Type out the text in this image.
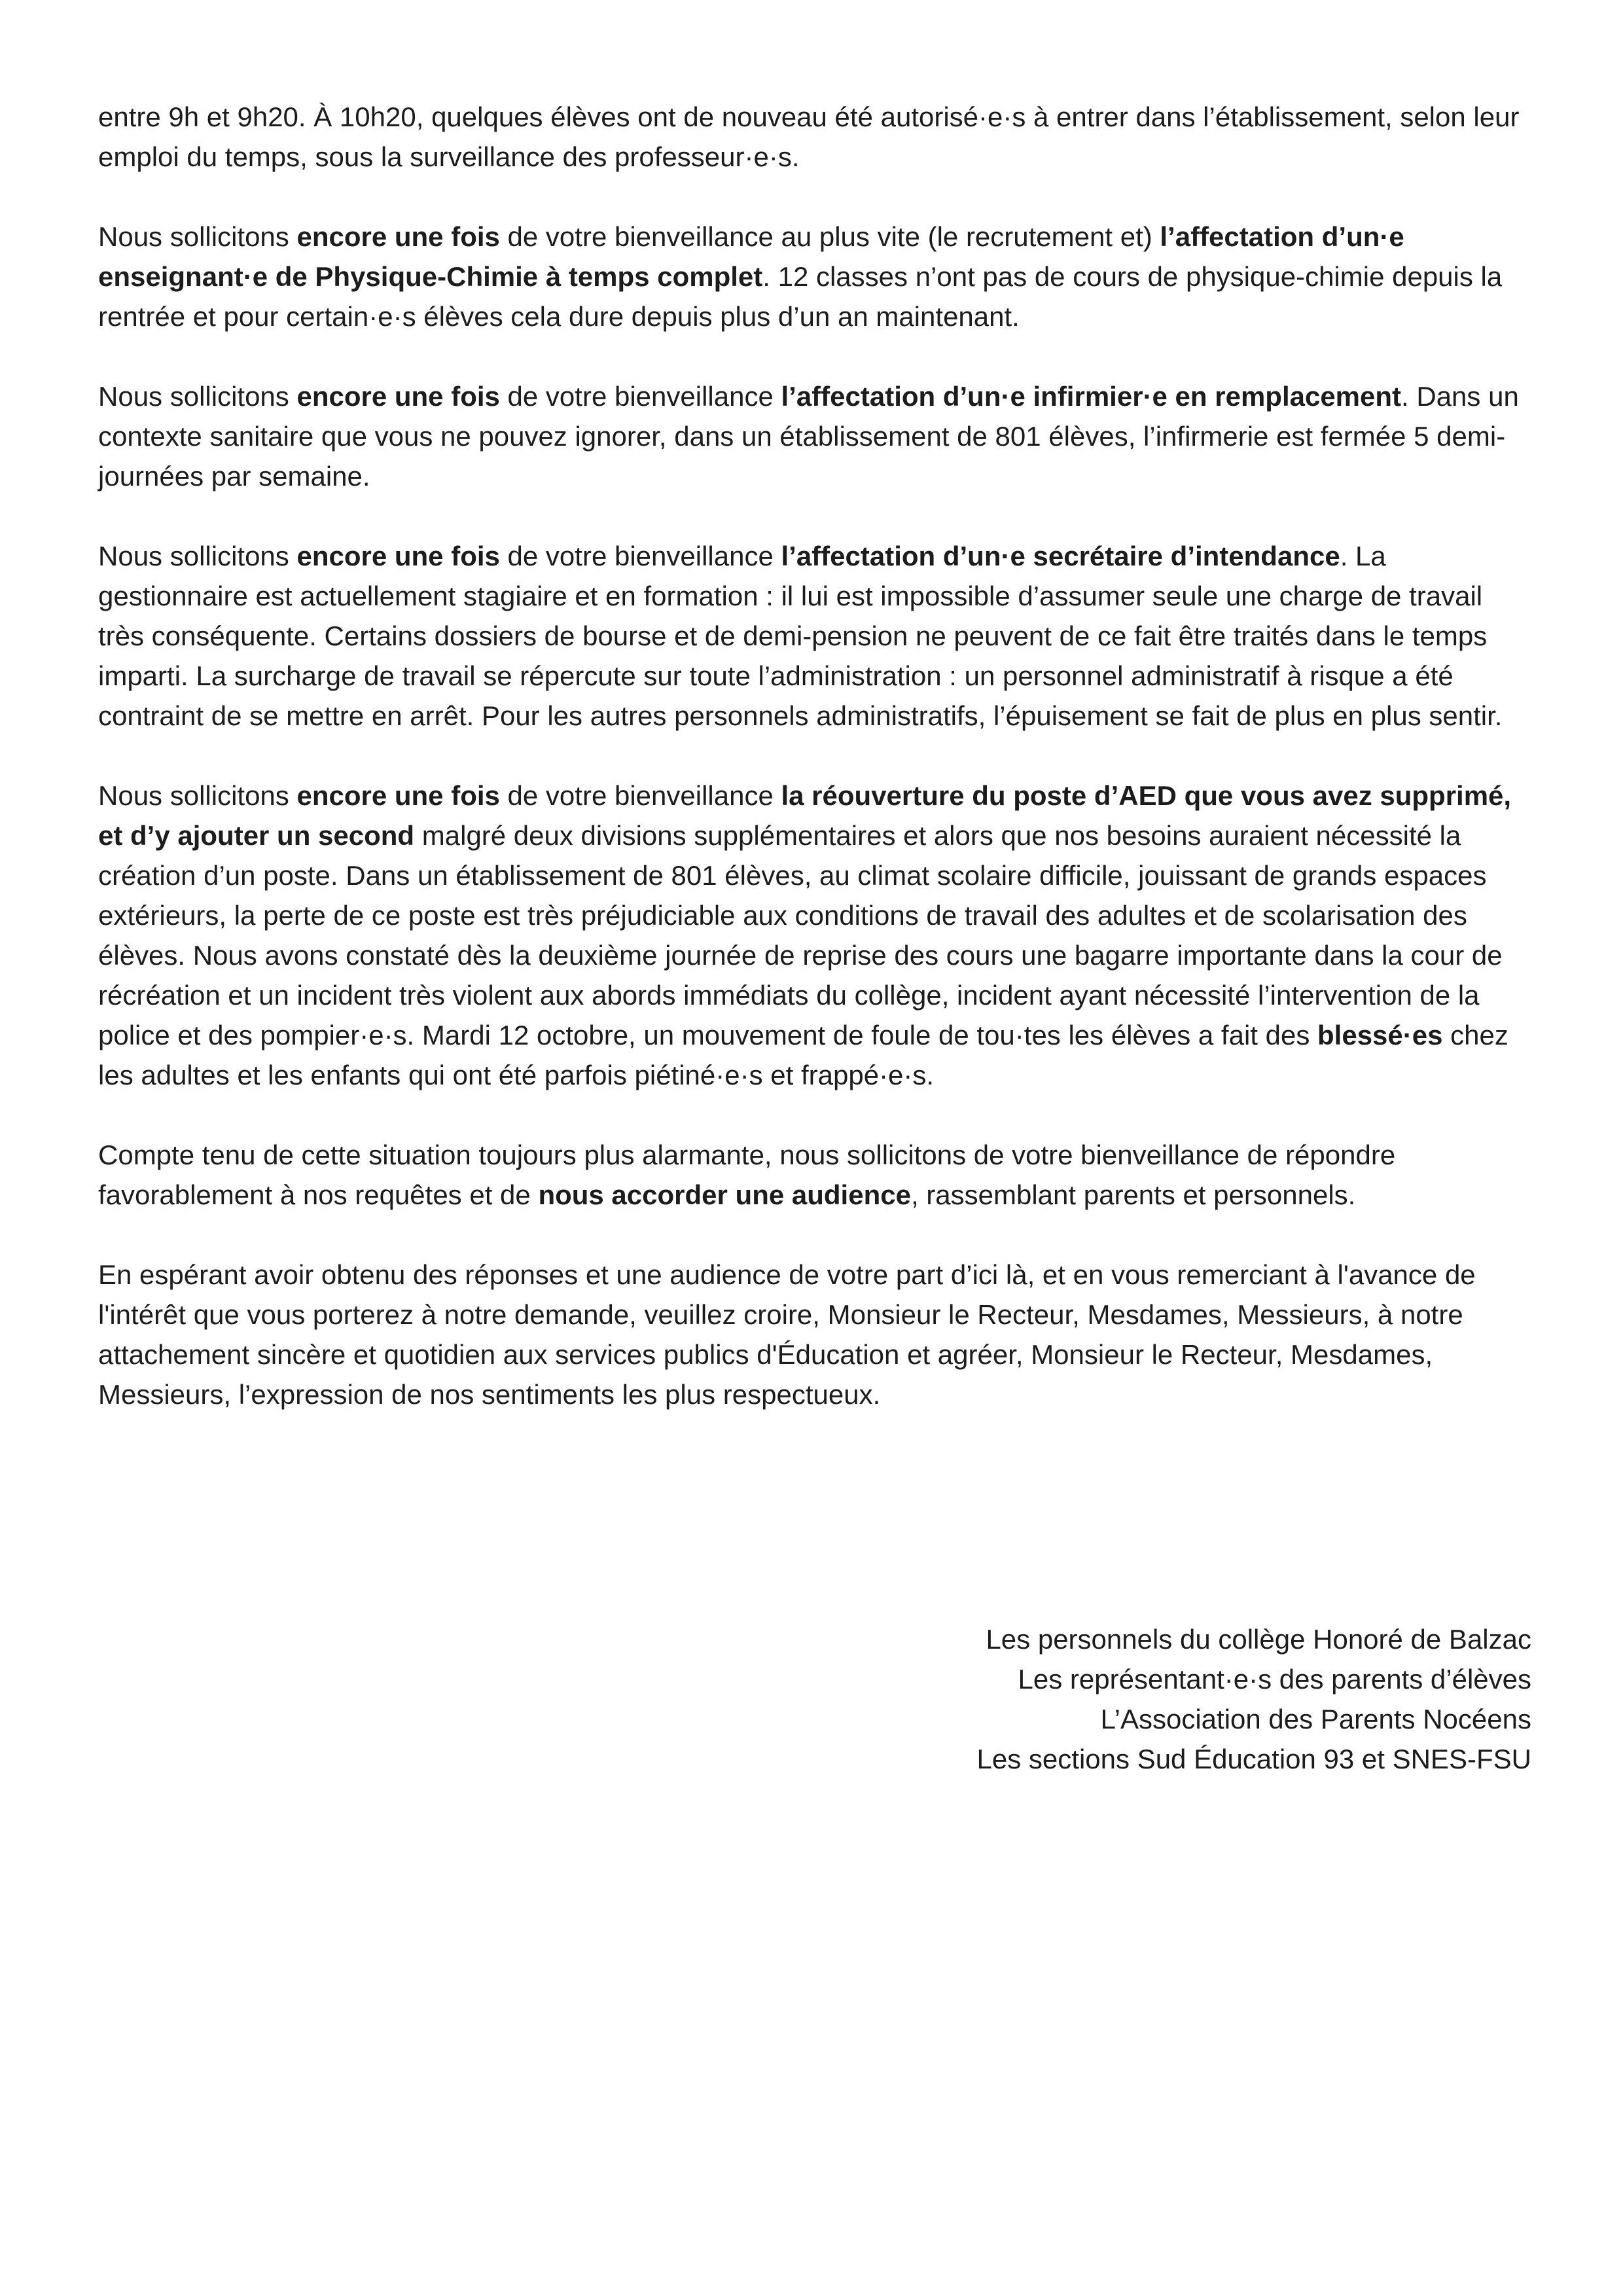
entre 9h et 9h20. À 10h20, quelques élèves ont de nouveau été autorisé·e·s à entrer dans l’établissement, selon leur emploi du temps, sous la surveillance des professeur·e·s.

Nous sollicitons encore une fois de votre bienveillance au plus vite (le recrutement et) l’affectation d’un·e enseignant·e de Physique-Chimie à temps complet. 12 classes n’ont pas de cours de physique-chimie depuis la rentrée et pour certain·e·s élèves cela dure depuis plus d’un an maintenant.

Nous sollicitons encore une fois de votre bienveillance l’affectation d’un·e infirmier·e en remplacement. Dans un contexte sanitaire que vous ne pouvez ignorer, dans un établissement de 801 élèves, l’infirmerie est fermée 5 demi-journées par semaine.

Nous sollicitons encore une fois de votre bienveillance l’affectation d’un·e secrétaire d’intendance. La gestionnaire est actuellement stagiaire et en formation : il lui est impossible d’assumer seule une charge de travail très conséquente. Certains dossiers de bourse et de demi-pension ne peuvent de ce fait être traités dans le temps imparti. La surcharge de travail se répercute sur toute l’administration : un personnel administratif à risque a été contraint de se mettre en arrêt. Pour les autres personnels administratifs, l’épuisement se fait de plus en plus sentir.

Nous sollicitons encore une fois de votre bienveillance la réouverture du poste d’AED que vous avez supprimé, et d’y ajouter un second malgré deux divisions supplémentaires et alors que nos besoins auraient nécessité la création d’un poste. Dans un établissement de 801 élèves, au climat scolaire difficile, jouissant de grands espaces extérieurs, la perte de ce poste est très préjudiciable aux conditions de travail des adultes et de scolarisation des élèves. Nous avons constaté dès la deuxième journée de reprise des cours une bagarre importante dans la cour de récréation et un incident très violent aux abords immédiats du collège, incident ayant nécessité l’intervention de la police et des pompier·e·s. Mardi 12 octobre, un mouvement de foule de tou·tes les élèves a fait des blessé·es chez les adultes et les enfants qui ont été parfois piétiné·e·s et frappé·e·s.

Compte tenu de cette situation toujours plus alarmante, nous sollicitons de votre bienveillance de répondre favorablement à nos requêtes et de nous accorder une audience, rassemblant parents et personnels.

En espérant avoir obtenu des réponses et une audience de votre part d’ici là, et en vous remerciant à l'avance de l'intérêt que vous porterez à notre demande, veuillez croire, Monsieur le Recteur, Mesdames, Messieurs, à notre attachement sincère et quotidien aux services publics d'Éducation et agréer, Monsieur le Recteur, Mesdames, Messieurs, l’expression de nos sentiments les plus respectueux.

Les personnels du collège Honoré de Balzac
Les représentant·e·s des parents d’élèves
L’Association des Parents Nocéens
Les sections Sud Éducation 93 et SNES-FSU
